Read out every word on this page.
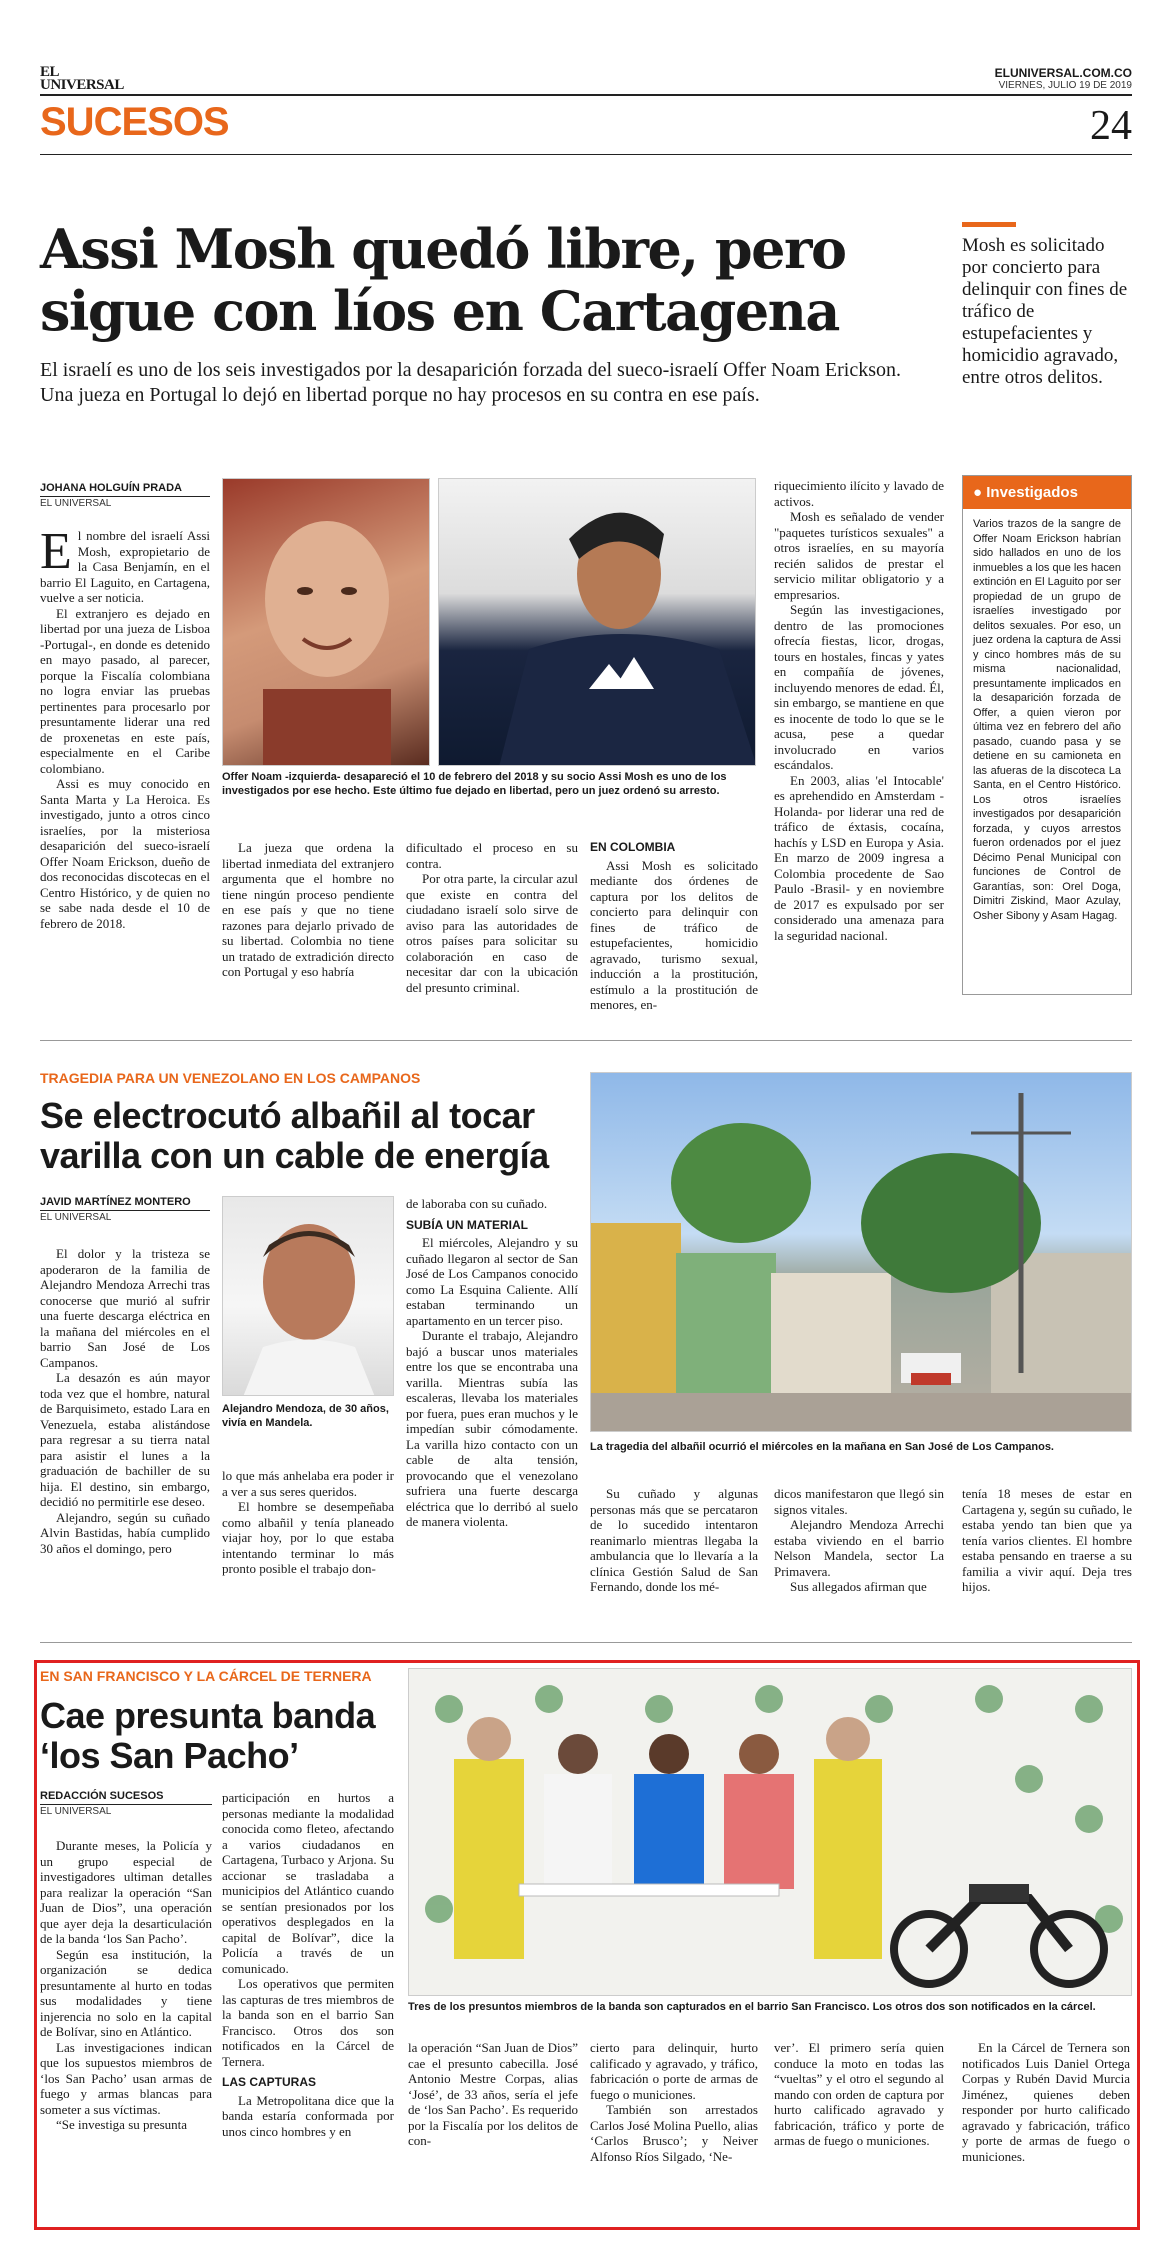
EL
UNIVERSAL
ELUNIVERSAL.COM.CO
VIERNES, JULIO 19 DE 2019
SUCESOS	24
Assi Mosh quedó libre, pero sigue con líos en Cartagena
El israelí es uno de los seis investigados por la desaparición forzada del sueco-israelí Offer Noam Erickson. Una jueza en Portugal lo dejó en libertad porque no hay procesos en su contra en ese país.
Mosh es solicitado por concierto para delinquir con fines de tráfico de estupefacientes y homicidio agravado, entre otros delitos.
JOHANA HOLGUÍN PRADA
EL UNIVERSAL

El nombre del israelí Assi Mosh, expropietario de la Casa Benjamín, en el barrio El Laguito, en Cartagena, vuelve a ser noticia.

El extranjero es dejado en libertad por una jueza de Lisboa -Portugal-, en donde es detenido en mayo pasado, al parecer, porque la Fiscalía colombiana no logra enviar las pruebas pertinentes para procesarlo por presuntamente liderar una red de proxenetas en este país, especialmente en el Caribe colombiano.

Assi es muy conocido en Santa Marta y La Heroica. Es investigado, junto a otros cinco israelíes, por la misteriosa desaparición del sueco-israelí Offer Noam Erickson, dueño de dos reconocidas discotecas en el Centro Histórico, y de quien no se sabe nada desde el 10 de febrero de 2018.

Offer Noam -izquierda- desapareció el 10 de febrero del 2018 y su socio Assi Mosh es uno de los investigados por ese hecho. Este último fue dejado en libertad, pero un juez ordenó su arresto.

La jueza que ordena la libertad inmediata del extranjero argumenta que el hombre no tiene ningún proceso pendiente en ese país y que no tiene razones para dejarlo privado de su libertad. Colombia no tiene un tratado de extradición directo con Portugal y eso habría

dificultado el proceso en su contra.

Por otra parte, la circular azul que existe en contra del ciudadano israelí solo sirve de aviso para las autoridades de otros países para solicitar su colaboración en caso de necesitar dar con la ubicación del presunto criminal.

EN COLOMBIA

Assi Mosh es solicitado mediante dos órdenes de captura por los delitos de concierto para delinquir con fines de tráfico de estupefacientes, homicidio agravado, turismo sexual, inducción a la prostitución, estímulo a la prostitución de menores, en-

riquecimiento ilícito y lavado de activos.

Mosh es señalado de vender "paquetes turísticos sexuales" a otros israelíes, en su mayoría recién salidos de prestar el servicio militar obligatorio y a empresarios.

Según las investigaciones, dentro de las promociones ofrecía fiestas, licor, drogas, tours en hostales, fincas y yates en compañía de jóvenes, incluyendo menores de edad. Él, sin embargo, se mantiene en que es inocente de todo lo que se le acusa, pese a quedar involucrado en varios escándalos.

En 2003, alias 'el Intocable' es aprehendido en Amsterdam -Holanda- por liderar una red de tráfico de éxtasis, cocaína, hachís y LSD en Europa y Asia. En marzo de 2009 ingresa a Colombia procedente de Sao Paulo -Brasil- y en noviembre de 2017 es expulsado por ser considerado una amenaza para la seguridad nacional.

● Investigados
Varios trazos de la sangre de Offer Noam Erickson habrían sido hallados en uno de los inmuebles a los que les hacen extinción en El Laguito por ser propiedad de un grupo de israelíes investigado por delitos sexuales. Por eso, un juez ordena la captura de Assi y cinco hombres más de su misma nacionalidad, presuntamente implicados en la desaparición forzada de Offer, a quien vieron por última vez en febrero del año pasado, cuando pasa y se detiene en su camioneta en las afueras de la discoteca La Santa, en el Centro Histórico. Los otros israelíes investigados por desaparición forzada, y cuyos arrestos fueron ordenados por el juez Décimo Penal Municipal con funciones de Control de Garantías, son: Orel Doga, Dimitri Ziskind, Maor Azulay, Osher Sibony y Asam Hagag.
TRAGEDIA PARA UN VENEZOLANO EN LOS CAMPANOS
Se electrocutó albañil al tocar varilla con un cable de energía
JAVID MARTÍNEZ MONTERO
EL UNIVERSAL

El dolor y la tristeza se apoderaron de la familia de Alejandro Mendoza Arrechi tras conocerse que murió al sufrir una fuerte descarga eléctrica en la mañana del miércoles en el barrio San José de Los Campanos.

La desazón es aún mayor toda vez que el hombre, natural de Barquisimeto, estado Lara en Venezuela, estaba alistándose para regresar a su tierra natal para asistir el lunes a la graduación de bachiller de su hija. El destino, sin embargo, decidió no permitirle ese deseo.

Alejandro, según su cuñado Alvin Bastidas, había cumplido 30 años el domingo, pero

Alejandro Mendoza, de 30 años, vivía en Mandela.

lo que más anhelaba era poder ir a ver a sus seres queridos.

El hombre se desempeñaba como albañil y tenía planeado viajar hoy, por lo que estaba intentando terminar lo más pronto posible el trabajo don-

de laboraba con su cuñado.

SUBÍA UN MATERIAL

El miércoles, Alejandro y su cuñado llegaron al sector de San José de Los Campanos conocido como La Esquina Caliente. Allí estaban terminando un apartamento en un tercer piso.

Durante el trabajo, Alejandro bajó a buscar unos materiales entre los que se encontraba una varilla. Mientras subía las escaleras, llevaba los materiales por fuera, pues eran muchos y le impedían subir cómodamente. La varilla hizo contacto con un cable de alta tensión, provocando que el venezolano sufriera una fuerte descarga eléctrica que lo derribó al suelo de manera violenta.

La tragedia del albañil ocurrió el miércoles en la mañana en San José de Los Campanos.

Su cuñado y algunas personas más que se percataron de lo sucedido intentaron reanimarlo mientras llegaba la ambulancia que lo llevaría a la clínica Gestión Salud de San Fernando, donde los mé-

dicos manifestaron que llegó sin signos vitales.

Alejandro Mendoza Arrechi estaba viviendo en el barrio Nelson Mandela, sector La Primavera.

Sus allegados afirman que

tenía 18 meses de estar en Cartagena y, según su cuñado, le estaba yendo tan bien que ya tenía varios clientes. El hombre estaba pensando en traerse a su familia a vivir aquí. Deja tres hijos.

EN SAN FRANCISCO Y LA CÁRCEL DE TERNERA
Cae presunta banda ‘los San Pacho’
REDACCIÓN SUCESOS
EL UNIVERSAL

Durante meses, la Policía y un grupo especial de investigadores ultiman detalles para realizar la operación “San Juan de Dios”, una operación que ayer deja la desarticulación de la banda ‘los San Pacho’.

Según esa institución, la organización se dedica presuntamente al hurto en todas sus modalidades y tiene injerencia no solo en la capital de Bolívar, sino en Atlántico.

Las investigaciones indican que los supuestos miembros de ‘los San Pacho’ usan armas de fuego y armas blancas para someter a sus víctimas.

“Se investiga su presunta

participación en hurtos a personas mediante la modalidad conocida como fleteo, afectando a varios ciudadanos en Cartagena, Turbaco y Arjona. Su accionar se trasladaba a municipios del Atlántico cuando se sentían presionados por los operativos desplegados en la capital de Bolívar”, dice la Policía a través de un comunicado.

Los operativos que permiten las capturas de tres miembros de la banda son en el barrio San Francisco. Otros dos son notificados en la Cárcel de Ternera.

LAS CAPTURAS

La Metropolitana dice que la banda estaría conformada por unos cinco hombres y en

Tres de los presuntos miembros de la banda son capturados en el barrio San Francisco. Los otros dos son notificados en la cárcel.

la operación “San Juan de Dios” cae el presunto cabecilla. José Antonio Mestre Corpas, alias ‘José’, de 33 años, sería el jefe de ‘los San Pacho’. Es requerido por la Fiscalía por los delitos de con-

cierto para delinquir, hurto calificado y agravado, y tráfico, fabricación o porte de armas de fuego o municiones.

También son arrestados Carlos José Molina Puello, alias ‘Carlos Brusco’; y Neiver Alfonso Ríos Silgado, ‘Ne-

ver’. El primero sería quien conduce la moto en todas las “vueltas” y el otro el segundo al mando con orden de captura por hurto calificado agravado y fabricación, tráfico y porte de armas de fuego o municiones.

En la Cárcel de Ternera son notificados Luis Daniel Ortega Corpas y Rubén David Murcia Jiménez, quienes deben responder por hurto calificado agravado y fabricación, tráfico y porte de armas de fuego o municiones.
